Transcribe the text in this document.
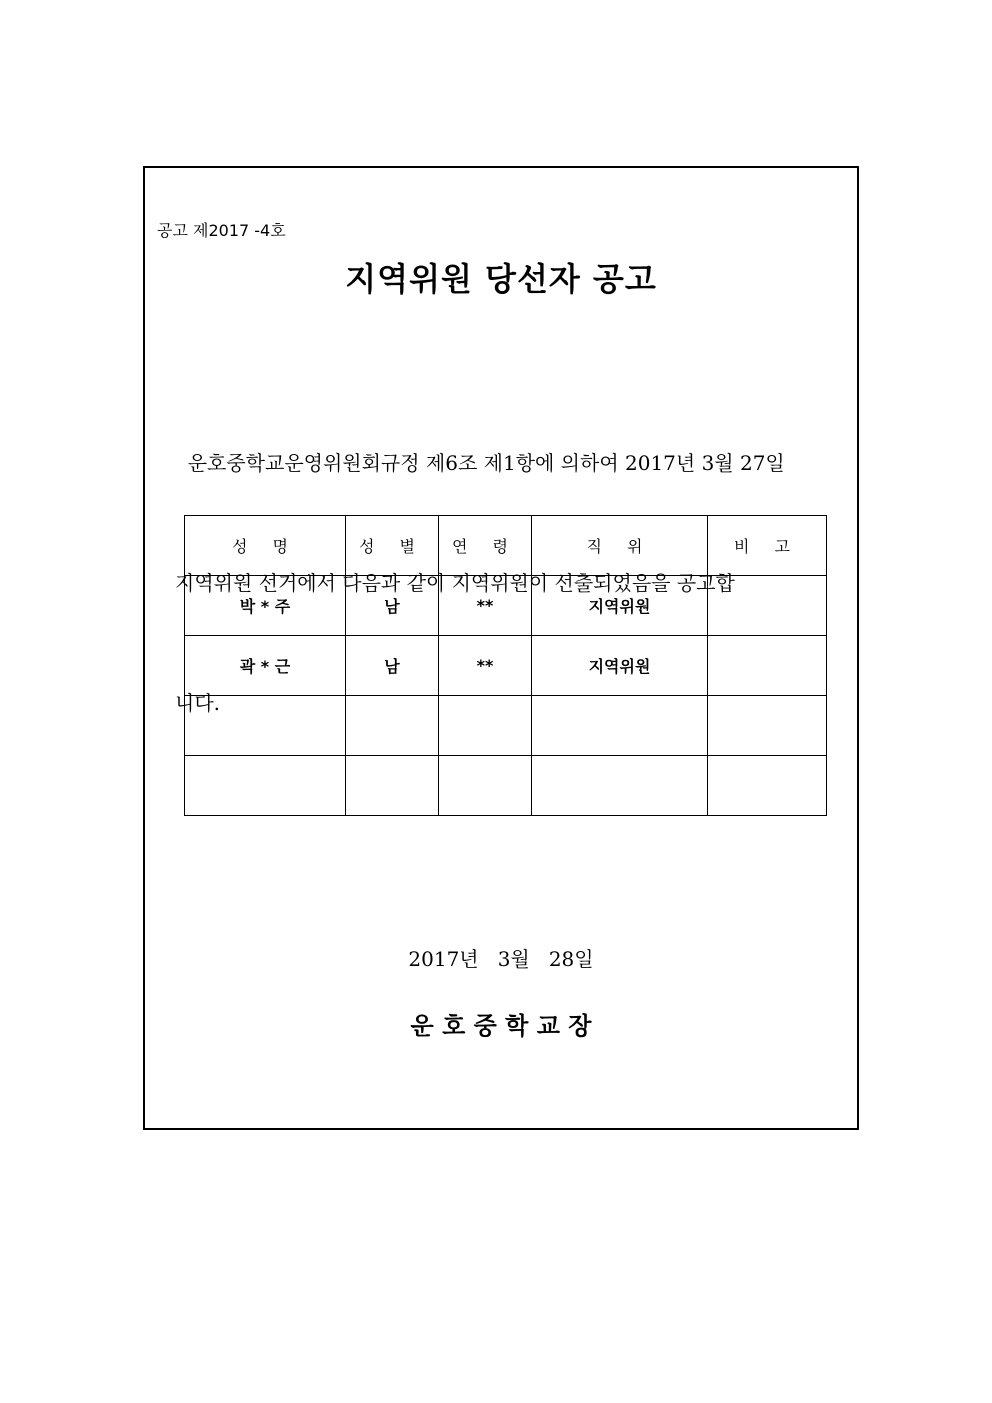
공고 제2017 -4호
지역위원 당선자 공고

운호중학교운영위원회규정 제6조 제1항에 의하여 2017년 3월 27일

지역위원 선거에서 다음과 같이 지역위원이 선출되었음을 공고합

니다.

성 명	성 별	연 령	직 위	비 고
박 * 주	남	**	지역위원	
곽 * 근	남	**	지역위원	

2017년   3월   28일
운 호 중 학 교 장
